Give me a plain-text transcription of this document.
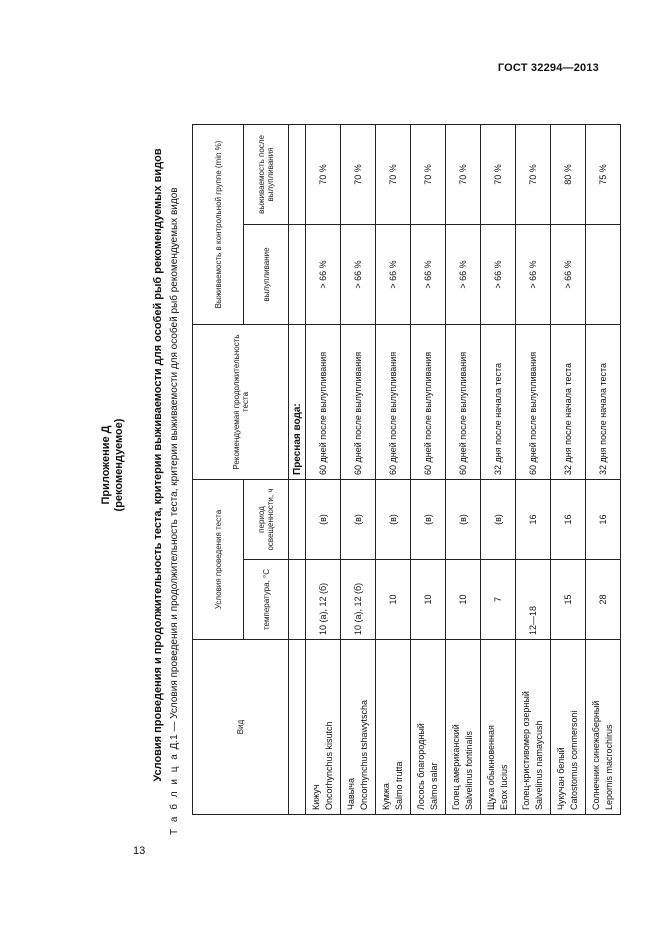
ГОСТ 32294—2013
13
Приложение Д (рекомендуемое) Условия проведения и продолжительность теста, критерии выживаемости для особей рыб рекомендуемых видов
Т а б л и ц а Д.1 — Условия проведения и продолжительность теста, критерии выживаемости для особей рыб рекомендуемых видов	Вид	Условия проведения теста		Рекомендуемая продолжительность теста	Выживаемость в контрольной группе (min %)	
	температура, °С	период освещенности, ч		вылупливание	выживаемость после вылупливания
			Пресная вода:		

Кижуч Oncorhynchus kisutch	10 (а), 12 (б)	(в)	60 дней после вылупливания	> 66 %	70 %

Чавыча Oncorhynchus tshawytscha	10 (а), 12 (б)	(в)	60 дней после вылупливания	> 66 %	70 %

Кумжа Salmo trutta	10	(в)	60 дней после вылупливания	> 66 %	70 %

Лосось благородный Salmo salar	10	(в)	60 дней после вылупливания	> 66 %	70 %

Голец американский Salvelinus fontinalis	10	(в)	60 дней после вылупливания	> 66 %	70 %

Щука обыкновенная Esox lucius	7	(в)	32 дня после начала теста	> 66 %	70 %

Голец-кристивомер озерный Salvelinus namaycush	12—18	16	60 дней после вылупливания	> 66 %	70 %

Чукучан белый Catostomus commersoni	15	16	32 дня после начала теста	> 66 %	80 %

Солнечник синежаберный Lepomis macrochirus	28	16	32 дня после начала теста		75 %
